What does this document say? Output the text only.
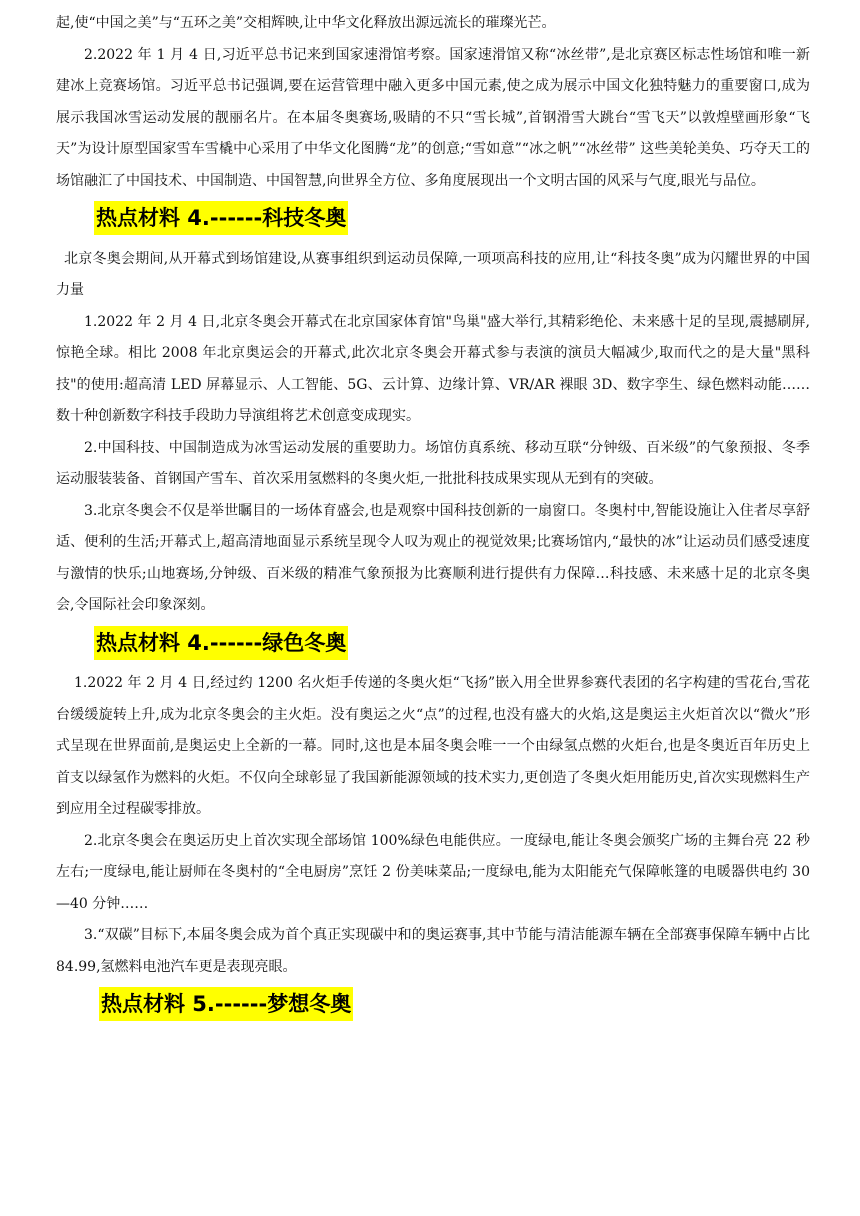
起,使“中国之美”与“五环之美”交相辉映,让中华文化释放出源远流长的璀璨光芒。

2.2022 年 1 月 4 日,习近平总书记来到国家速滑馆考察。国家速滑馆又称“冰丝带”,是北京赛区标志性场馆和唯一新建冰上竞赛场馆。习近平总书记强调,要在运营管理中融入更多中国元素,使之成为展示中国文化独特魅力的重要窗口,成为展示我国冰雪运动发展的靓丽名片。在本届冬奥赛场,吸睛的不只“雪长城”,首钢滑雪大跳台“雪飞天”以敦煌壁画形象“飞天”为设计原型国家雪车雪橇中心采用了中华文化图腾“龙”的创意;“雪如意”“冰之帆”“冰丝带” 这些美轮美奂、巧夺天工的场馆融汇了中国技术、中国制造、中国智慧,向世界全方位、多角度展现出一个文明古国的风采与气度,眼光与品位。

热点材料 4.------科技冬奥

北京冬奥会期间,从开幕式到场馆建设,从赛事组织到运动员保障,一项项高科技的应用,让“科技冬奥”成为闪耀世界的中国力量

1.2022 年 2 月 4 日,北京冬奥会开幕式在北京国家体育馆"鸟巢"盛大举行,其精彩绝伦、未来感十足的呈现,震撼刷屏,惊艳全球。相比 2008 年北京奥运会的开幕式,此次北京冬奥会开幕式参与表演的演员大幅减少,取而代之的是大量"黑科技"的使用:超高清 LED 屏幕显示、人工智能、5G、云计算、边缘计算、VR/AR 裸眼 3D、数字孪生、绿色燃料动能……数十种创新数字科技手段助力导演组将艺术创意变成现实。

2.中国科技、中国制造成为冰雪运动发展的重要助力。场馆仿真系统、移动互联“分钟级、百米级”的气象预报、冬季运动服装装备、首钢国产雪车、首次采用氢燃料的冬奥火炬,一批批科技成果实现从无到有的突破。

3.北京冬奥会不仅是举世瞩目的一场体育盛会,也是观察中国科技创新的一扇窗口。冬奥村中,智能设施让入住者尽享舒适、便利的生活;开幕式上,超高清地面显示系统呈现令人叹为观止的视觉效果;比赛场馆内,“最快的冰”让运动员们感受速度与激情的快乐;山地赛场,分钟级、百米级的精准气象预报为比赛顺利进行提供有力保障…科技感、未来感十足的北京冬奥会,令国际社会印象深刻。

热点材料 4.------绿色冬奥

1.2022 年 2 月 4 日,经过约 1200 名火炬手传递的冬奥火炬“飞扬”嵌入用全世界参赛代表团的名字构建的雪花台,雪花台缓缓旋转上升,成为北京冬奥会的主火炬。没有奥运之火“点”的过程,也没有盛大的火焰,这是奥运主火炬首次以“微火”形式呈现在世界面前,是奥运史上全新的一幕。同时,这也是本届冬奥会唯一一个由绿氢点燃的火炬台,也是冬奥近百年历史上首支以绿氢作为燃料的火炬。不仅向全球彰显了我国新能源领域的技术实力,更创造了冬奥火炬用能历史,首次实现燃料生产到应用全过程碳零排放。

2.北京冬奥会在奥运历史上首次实现全部场馆 100%绿色电能供应。一度绿电,能让冬奥会颁奖广场的主舞台亮 22 秒左右;一度绿电,能让厨师在冬奥村的“全电厨房”烹饪 2 份美味菜品;一度绿电,能为太阳能充气保障帐篷的电暖器供电约 30—40 分钟……

3.“双碳”目标下,本届冬奥会成为首个真正实现碳中和的奥运赛事,其中节能与清洁能源车辆在全部赛事保障车辆中占比 84.99,氢燃料电池汽车更是表现亮眼。

热点材料 5.------梦想冬奥
